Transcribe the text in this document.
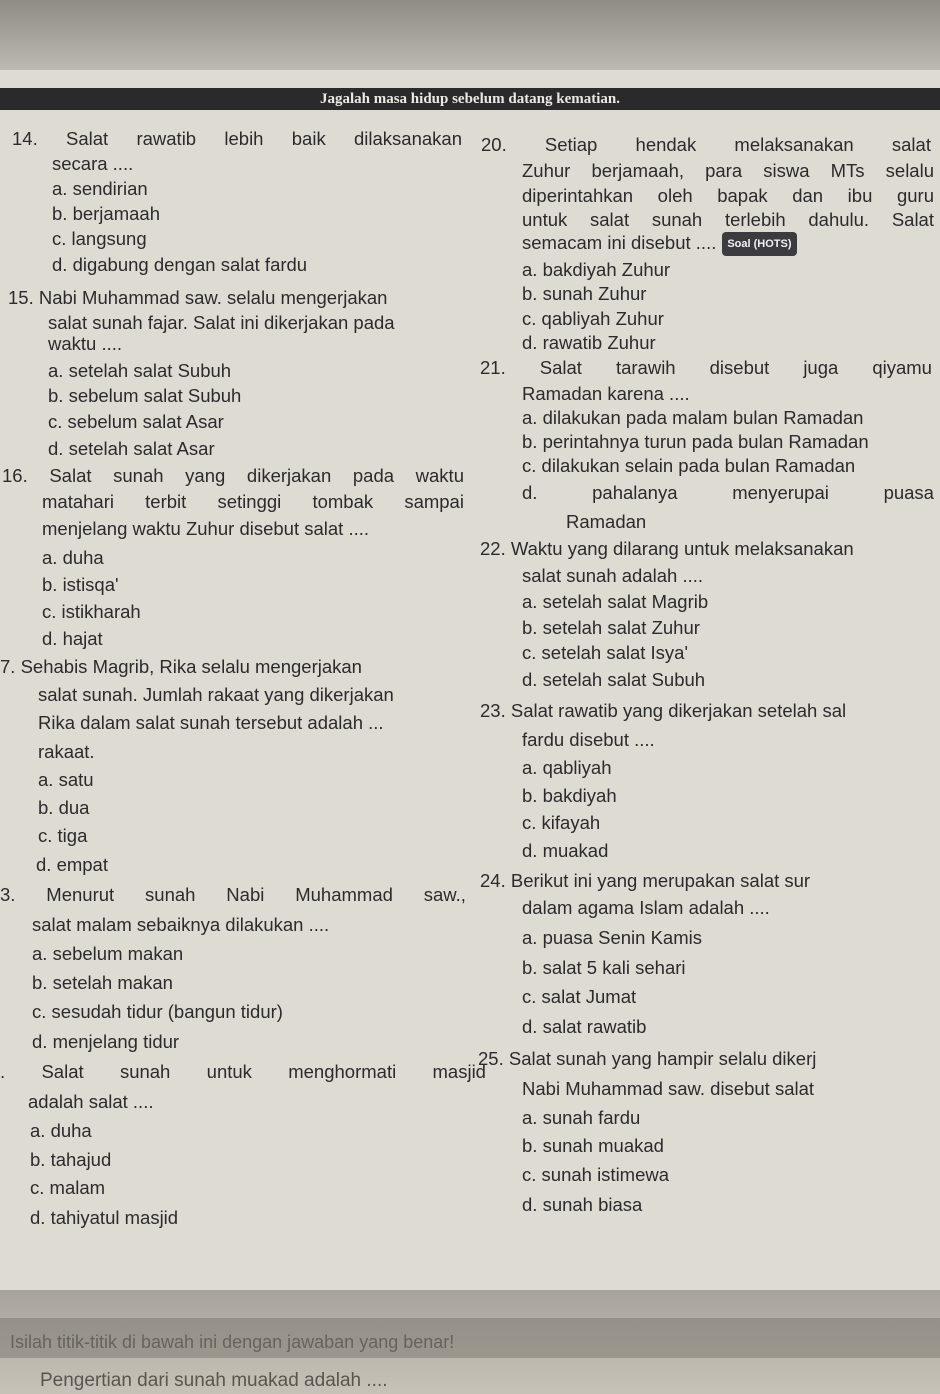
Jagalah masa hidup sebelum datang kematian.
14. Salat rawatib lebih baik dilaksanakan
secara ....
a. sendirian
b. berjamaah
c. langsung
d. digabung dengan salat fardu
15. Nabi Muhammad saw. selalu mengerjakan
salat sunah fajar. Salat ini dikerjakan pada
waktu ....
a. setelah salat Subuh
b. sebelum salat Subuh
c. sebelum salat Asar
d. setelah salat Asar
16. Salat sunah yang dikerjakan pada waktu
matahari terbit setinggi tombak sampai
menjelang waktu Zuhur disebut salat ....
a. duha
b. istisqa'
c. istikharah
d. hajat
7. Sehabis Magrib, Rika selalu mengerjakan
salat sunah. Jumlah rakaat yang dikerjakan
Rika dalam salat sunah tersebut adalah ...
rakaat.
a. satu
b. dua
c. tiga
d. empat
3. Menurut sunah Nabi Muhammad saw.,
salat malam sebaiknya dilakukan ....
a. sebelum makan
b. setelah makan
c. sesudah tidur (bangun tidur)
d. menjelang tidur
. Salat sunah untuk menghormati masjid
adalah salat ....
a. duha
b. tahajud
c. malam
d. tahiyatul masjid
20. Setiap hendak melaksanakan salat
Zuhur berjamaah, para siswa MTs selalu
diperintahkan oleh bapak dan ibu guru
untuk salat sunah terlebih dahulu. Salat
semacam ini disebut .... Soal (HOTS)
a. bakdiyah Zuhur
b. sunah Zuhur
c. qabliyah Zuhur
d. rawatib Zuhur
21. Salat tarawih disebut juga qiyamu
Ramadan karena ....
a. dilakukan pada malam bulan Ramadan
b. perintahnya turun pada bulan Ramadan
c. dilakukan selain pada bulan Ramadan
d.	pahalanya	menyerupai	puasa
Ramadan
22. Waktu yang dilarang untuk melaksanakan
salat sunah adalah ....
a. setelah salat Magrib
b. setelah salat Zuhur
c. setelah salat Isya'
d. setelah salat Subuh
23. Salat rawatib yang dikerjakan setelah sal
fardu disebut ....
a. qabliyah
b. bakdiyah
c. kifayah
d. muakad
24. Berikut ini yang merupakan salat sur
dalam agama Islam adalah ....
a. puasa Senin Kamis
b. salat 5 kali sehari
c. salat Jumat
d. salat rawatib
25. Salat sunah yang hampir selalu dikerj
Nabi Muhammad saw. disebut salat
a. sunah fardu
b. sunah muakad
c. sunah istimewa
d. sunah biasa
Isilah titik-titik di bawah ini dengan jawaban yang benar!
Pengertian dari sunah muakad adalah ....
